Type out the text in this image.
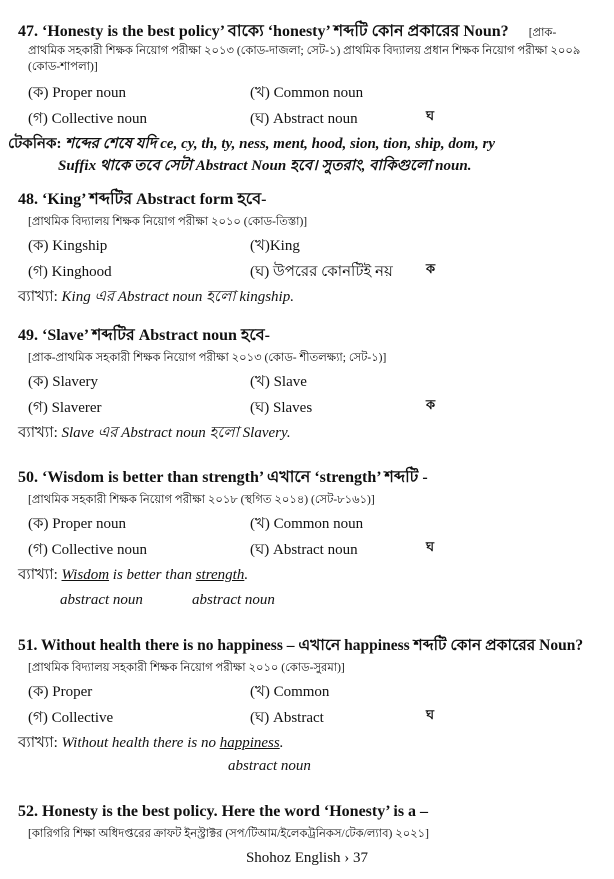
47. ‘Honesty is the best policy’ বাক্যে ‘honesty’ শব্দটি কোন প্রকারের Noun? [প্রাক-
প্রাথমিক সহকারী শিক্ষক নিয়োগ পরীক্ষা ২০১৩ (কোড-দাজলা; সেট-১) প্রাথমিক বিদ্যালয় প্রধান শিক্ষক নিয়োগ পরীক্ষা ২০০৯ (কোড-শাপলা)]
(ক) Proper noun	(খ) Common noun
(গ) Collective noun	(ঘ) Abstract noun	ঘ
টেকনিক: শব্দের শেষে যদি ce, cy, th, ty, ness, ment, hood, sion, tion, ship, dom, ry
Suffix থাকে তবে সেটা Abstract Noun হবে। সুতরাং, বাকিগুলো noun.
48. ‘King’ শব্দটির Abstract form হবে-
[প্রাথমিক বিদ্যালয় শিক্ষক নিয়োগ পরীক্ষা ২০১০ (কোড-তিস্তা)]
(ক) Kingship	(খ)King
(গ) Kinghood	(ঘ) উপরের কোনটিই নয়	ক
ব্যাখ্যা: King এর Abstract noun হলো kingship.
49. ‘Slave’ শব্দটির Abstract noun হবে-
[প্রাক-প্রাথমিক সহকারী শিক্ষক নিয়োগ পরীক্ষা ২০১৩ (কোড- শীতলক্ষ্যা; সেট-১)]
(ক) Slavery	(খ) Slave
(গ) Slaverer	(ঘ) Slaves	ক
ব্যাখ্যা: Slave এর Abstract noun হলো Slavery.
50. ‘Wisdom is better than strength’ এখানে ‘strength’ শব্দটি -
[প্রাথমিক সহকারী শিক্ষক নিয়োগ পরীক্ষা ২০১৮ (স্থগিত ২০১৪) (সেট-৮১৬১)]
(ক) Proper noun	(খ) Common noun
(গ) Collective noun	(ঘ) Abstract noun	ঘ
ব্যাখ্যা: Wisdom is better than strength.
abstract noun	abstract noun
51. Without health there is no happiness – এখানে happiness শব্দটি কোন প্রকারের Noun?
[প্রাথমিক বিদ্যালয় সহকারী শিক্ষক নিয়োগ পরীক্ষা ২০১০ (কোড-সুরমা)]
(ক) Proper	(খ) Common
(গ) Collective	(ঘ) Abstract	ঘ
ব্যাখ্যা: Without health there is no happiness.
abstract noun
52. Honesty is the best policy. Here the word ‘Honesty’ is a –
[কারিগরি শিক্ষা অধিদপ্তরের ক্রাফট ইনস্ট্রাক্টর (সপ/টিআম/ইলেকট্রনিকস/টেক/ল্যাব) ২০২১]
Shohoz English › 37
